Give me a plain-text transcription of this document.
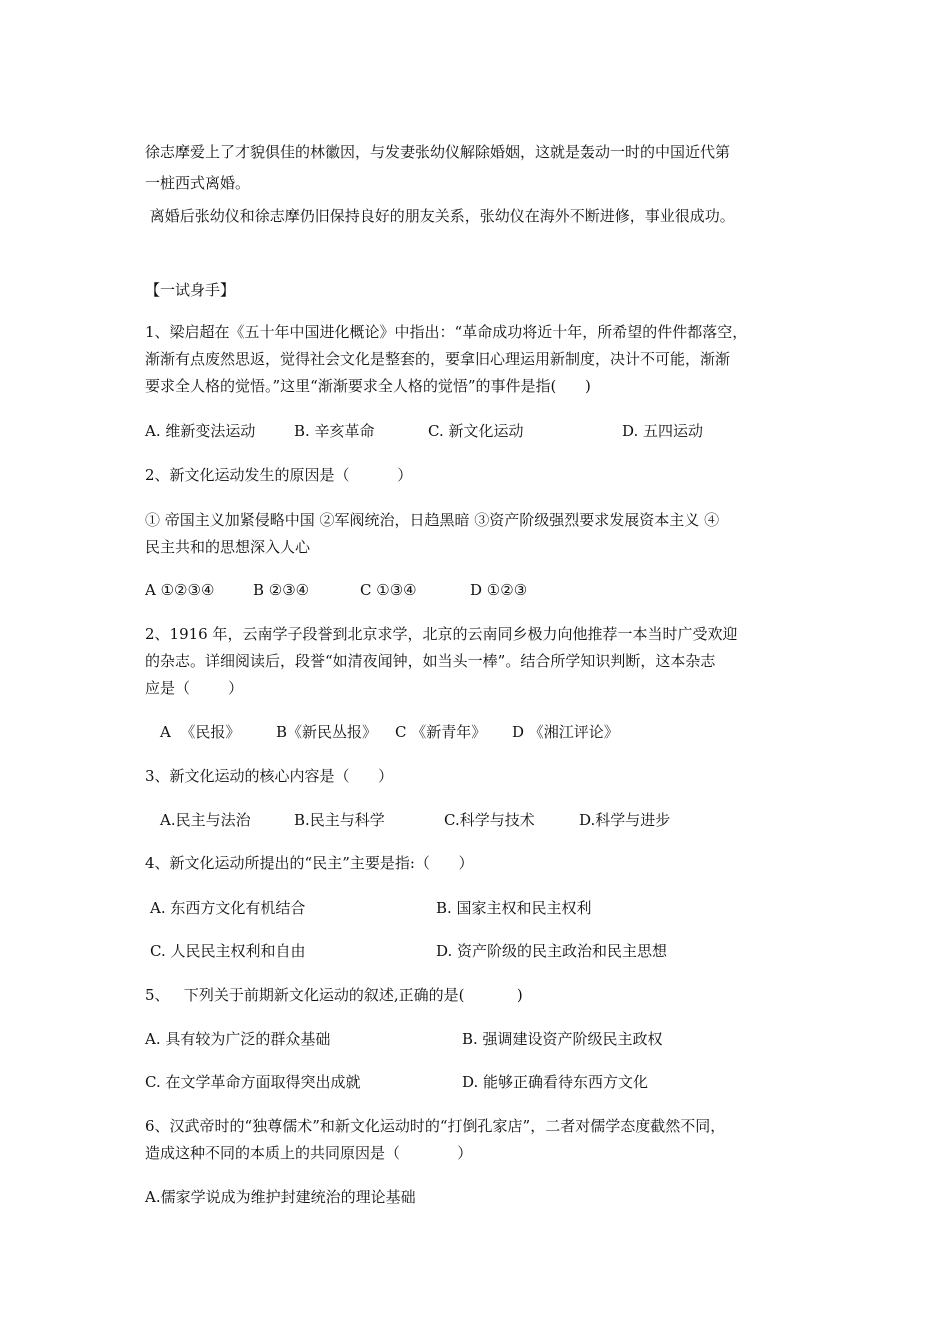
徐志摩爱上了才貌俱佳的林徽因，与发妻张幼仪解除婚姻，这就是轰动一时的中国近代第
一桩西式离婚。
离婚后张幼仪和徐志摩仍旧保持良好的朋友关系，张幼仪在海外不断进修，事业很成功。
【一试身手】
1、梁启超在《五十年中国进化概论》中指出：“革命成功将近十年，所希望的件件都落空，
渐渐有点废然思返，觉得社会文化是整套的，要拿旧心理运用新制度，决计不可能，渐渐
要求全人格的觉悟。”这里“渐渐要求全人格的觉悟”的事件是指(      )
A. 维新变法运动	B. 辛亥革命	C. 新文化运动	D. 五四运动
2、新文化运动发生的原因是（          ）
① 帝国主义加紧侵略中国 ②军阀统治，日趋黑暗 ③资产阶级强烈要求发展资本主义 ④
民主共和的思想深入人心
A ①②③④	B ②③④	C ①③④	D ①②③
2、1916 年，云南学子段誉到北京求学，北京的云南同乡极力向他推荐一本当时广受欢迎
的杂志。详细阅读后，段誉“如清夜闻钟，如当头一棒”。结合所学知识判断，这本杂志
应是（        ）
A  《民报》 B《新民丛报》 C 《新青年》 D 《湘江评论》
3、新文化运动的核心内容是（      ）
A.民主与法治	B.民主与科学	C.科学与技术	D.科学与进步
4、新文化运动所提出的“民主”主要是指:（      ）
A. 东西方文化有机结合	B. 国家主权和民主权利
C. 人民民主权利和自由	D. 资产阶级的民主政治和民主思想
5、   下列关于前期新文化运动的叙述,正确的是(           )
A. 具有较为广泛的群众基础	B. 强调建设资产阶级民主政权
C. 在文学革命方面取得突出成就	D. 能够正确看待东西方文化
6、汉武帝时的“独尊儒术”和新文化运动时的“打倒孔家店”，二者对儒学态度截然不同，
造成这种不同的本质上的共同原因是（            ）
A.儒家学说成为维护封建统治的理论基础
